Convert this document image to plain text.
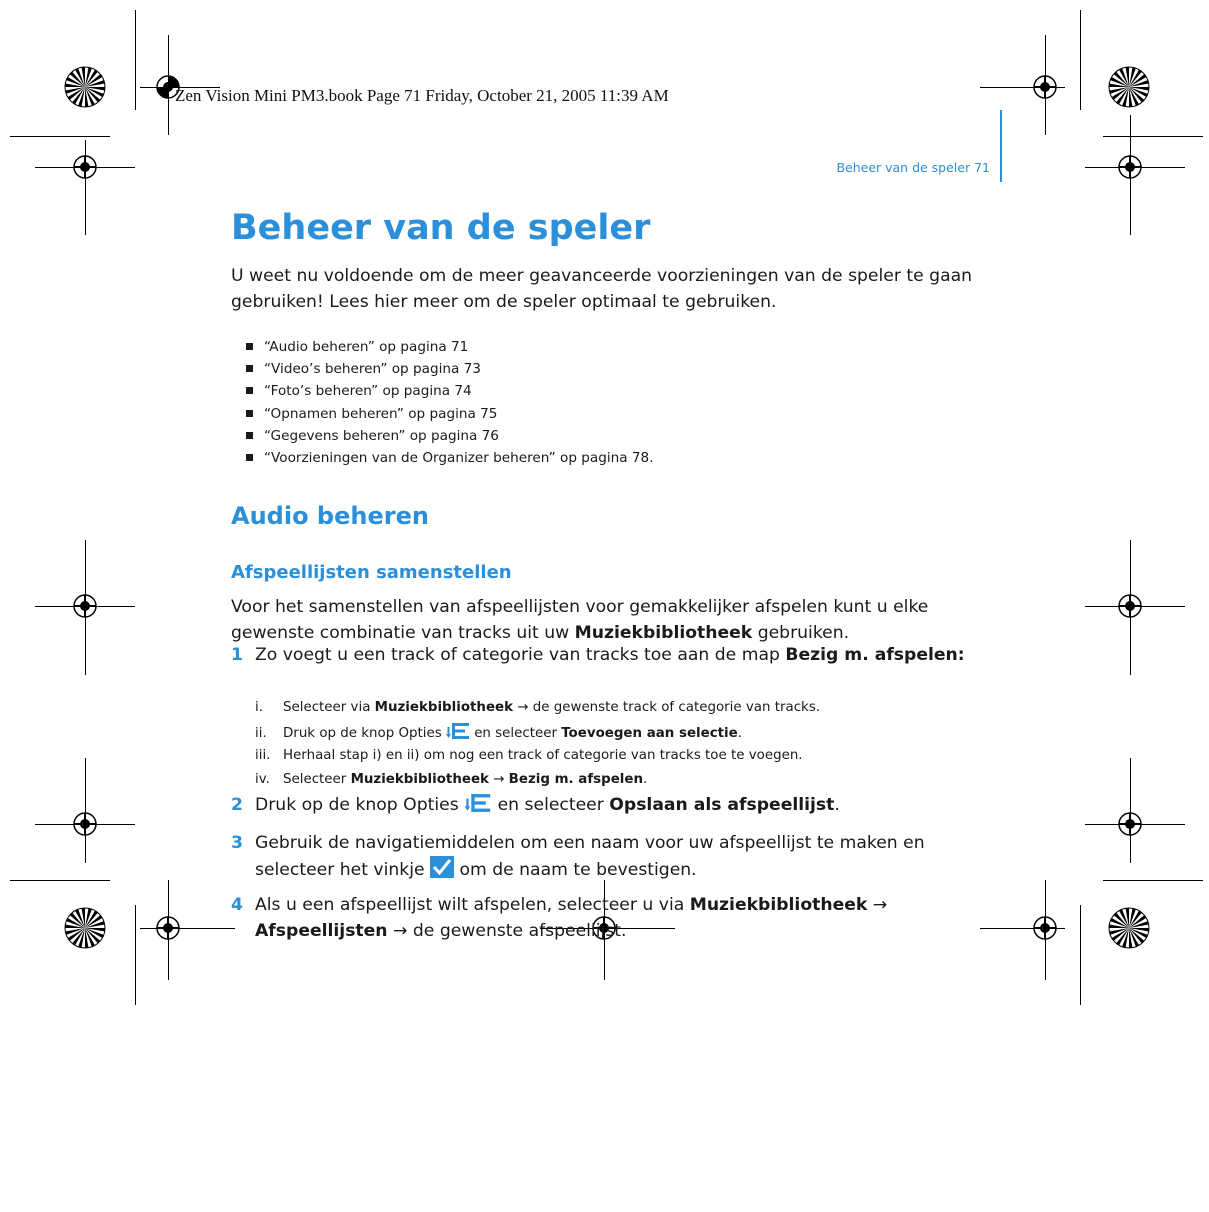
Zen Vision Mini PM3.book Page 71 Friday, October 21, 2005 11:39 AM
Beheer van de speler 71
Beheer van de speler
U weet nu voldoende om de meer geavanceerde voorzieningen van de speler te gaan gebruiken! Lees hier meer om de speler optimaal te gebruiken.
“Audio beheren” op pagina 71
“Video’s beheren” op pagina 73
“Foto’s beheren” op pagina 74
“Opnamen beheren” op pagina 75
“Gegevens beheren” op pagina 76
“Voorzieningen van de Organizer beheren” op pagina 78.
Audio beheren
Afspeellijsten samenstellen
Voor het samenstellen van afspeellijsten voor gemakkelijker afspelen kunt u elke gewenste combinatie van tracks uit uw Muziekbibliotheek gebruiken.
1 Zo voegt u een track of categorie van tracks toe aan de map Bezig m. afspelen:
i. Selecteer via Muziekbibliotheek → de gewenste track of categorie van tracks.
ii. Druk op de knop Opties  en selecteer Toevoegen aan selectie.
iii. Herhaal stap i) en ii) om nog een track of categorie van tracks toe te voegen.
iv. Selecteer Muziekbibliotheek → Bezig m. afspelen.
2 Druk op de knop Opties  en selecteer Opslaan als afspeellijst.
3 Gebruik de navigatiemiddelen om een naam voor uw afspeellijst te maken en selecteer het vinkje  om de naam te bevestigen.
4 Als u een afspeellijst wilt afspelen, selecteer u via Muziekbibliotheek → Afspeellijsten → de gewenste afspeellijst.
